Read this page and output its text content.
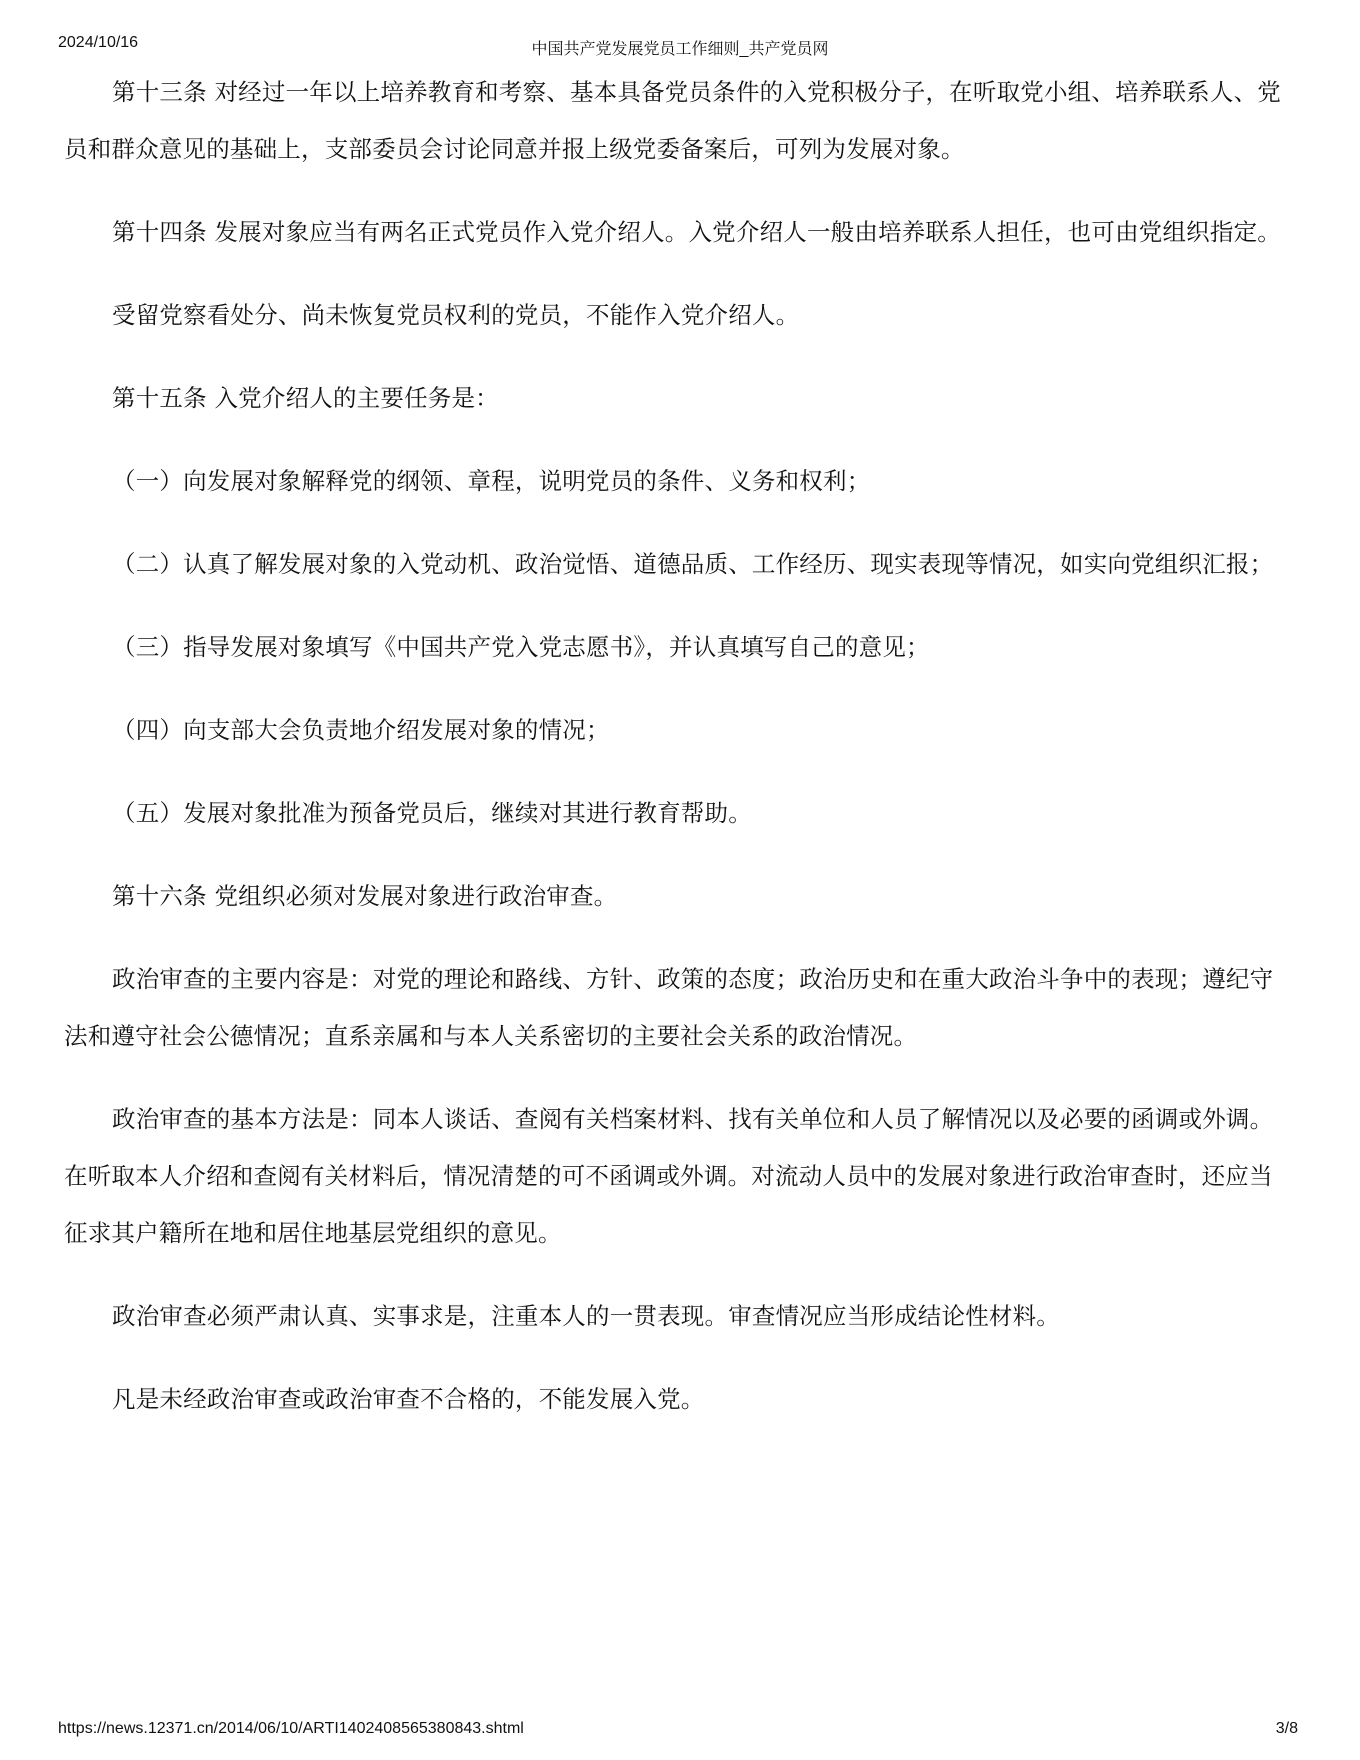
2024/10/16	中国共产党发展党员工作细则_共产党员网

第十三条 对经过一年以上培养教育和考察、基本具备党员条件的入党积极分子，在听取党小组、培养联系人、党员和群众意见的基础上，支部委员会讨论同意并报上级党委备案后，可列为发展对象。

第十四条 发展对象应当有两名正式党员作入党介绍人。入党介绍人一般由培养联系人担任，也可由党组织指定。

受留党察看处分、尚未恢复党员权利的党员，不能作入党介绍人。

第十五条 入党介绍人的主要任务是：

（一）向发展对象解释党的纲领、章程，说明党员的条件、义务和权利；

（二）认真了解发展对象的入党动机、政治觉悟、道德品质、工作经历、现实表现等情况，如实向党组织汇报；

（三）指导发展对象填写《中国共产党入党志愿书》，并认真填写自己的意见；

（四）向支部大会负责地介绍发展对象的情况；

（五）发展对象批准为预备党员后，继续对其进行教育帮助。

第十六条 党组织必须对发展对象进行政治审查。

政治审查的主要内容是：对党的理论和路线、方针、政策的态度；政治历史和在重大政治斗争中的表现；遵纪守法和遵守社会公德情况；直系亲属和与本人关系密切的主要社会关系的政治情况。

政治审查的基本方法是：同本人谈话、查阅有关档案材料、找有关单位和人员了解情况以及必要的函调或外调。在听取本人介绍和查阅有关材料后，情况清楚的可不函调或外调。对流动人员中的发展对象进行政治审查时，还应当征求其户籍所在地和居住地基层党组织的意见。

政治审查必须严肃认真、实事求是，注重本人的一贯表现。审查情况应当形成结论性材料。

凡是未经政治审查或政治审查不合格的，不能发展入党。

https://news.12371.cn/2014/06/10/ARTI1402408565380843.shtml	3/8
